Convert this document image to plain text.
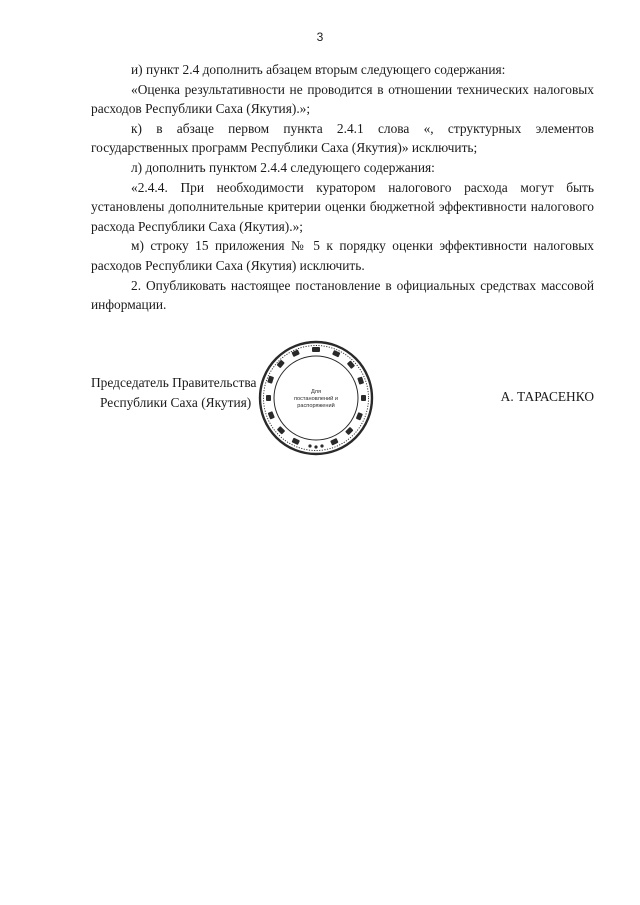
3

и) пункт 2.4 дополнить абзацем вторым следующего содержания:

«Оценка результативности не проводится в отношении технических налоговых расходов Республики Саха (Якутия).»;

к) в абзаце первом пункта 2.4.1 слова «, структурных элементов государственных программ Республики Саха (Якутия)» исключить;

л) дополнить пунктом 2.4.4 следующего содержания:

«2.4.4. При необходимости куратором налогового расхода могут быть установлены дополнительные критерии оценки бюджетной эффективности налогового расхода Республики Саха (Якутия).»;

м) строку 15 приложения № 5 к порядку оценки эффективности налоговых расходов Республики Саха (Якутия) исключить.

2. Опубликовать настоящее постановление в официальных средствах массовой информации.

Председатель Правительства
Республики Саха (Якутия)	А. ТАРАСЕНКО
Для
постановлений и
распоряжений
